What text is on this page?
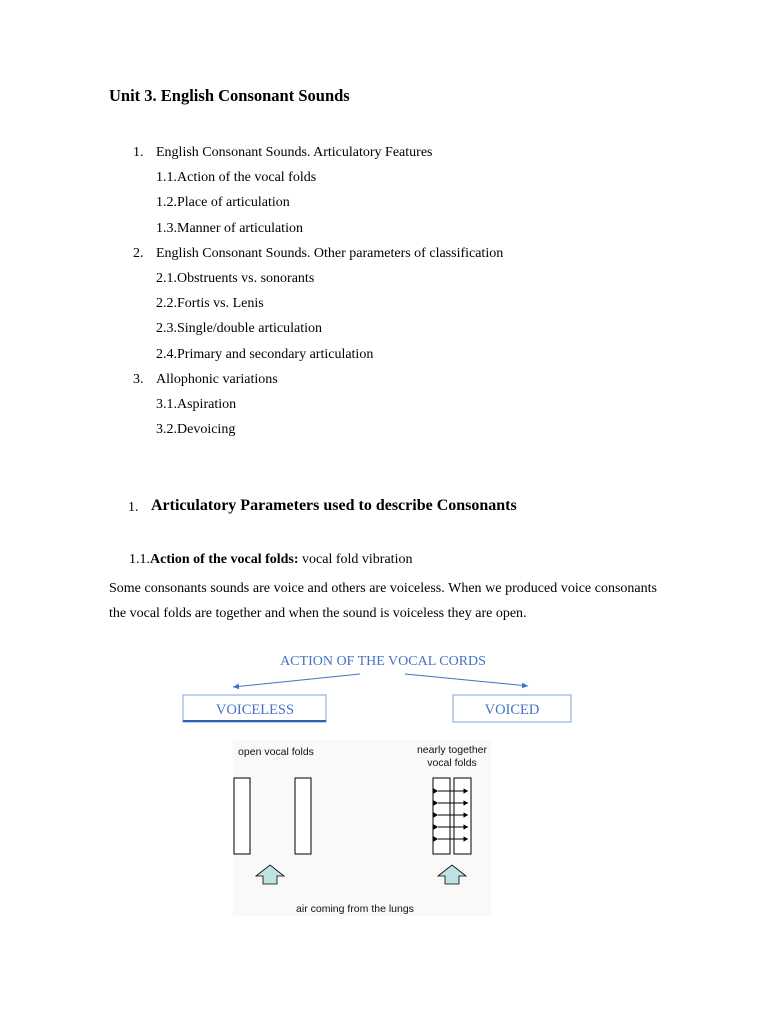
Unit 3. English Consonant Sounds
1. English Consonant Sounds. Articulatory Features
1.1.Action of the vocal folds
1.2.Place of articulation
1.3.Manner of articulation
2. English Consonant Sounds. Other parameters of classification
2.1.Obstruents vs. sonorants
2.2.Fortis vs. Lenis
2.3.Single/double articulation
2.4.Primary and secondary articulation
3. Allophonic variations
3.1.Aspiration
3.2.Devoicing
1. Articulatory Parameters used to describe Consonants
1.1.Action of the vocal folds: vocal fold vibration
Some consonants sounds are voice and others are voiceless. When we produced voice consonants the vocal folds are together and when the sound is voiceless they are open.
ACTION OF THE VOCAL CORDS
VOICELESS	VOICED
open vocal folds	nearly together
vocal folds
air coming from the lungs
